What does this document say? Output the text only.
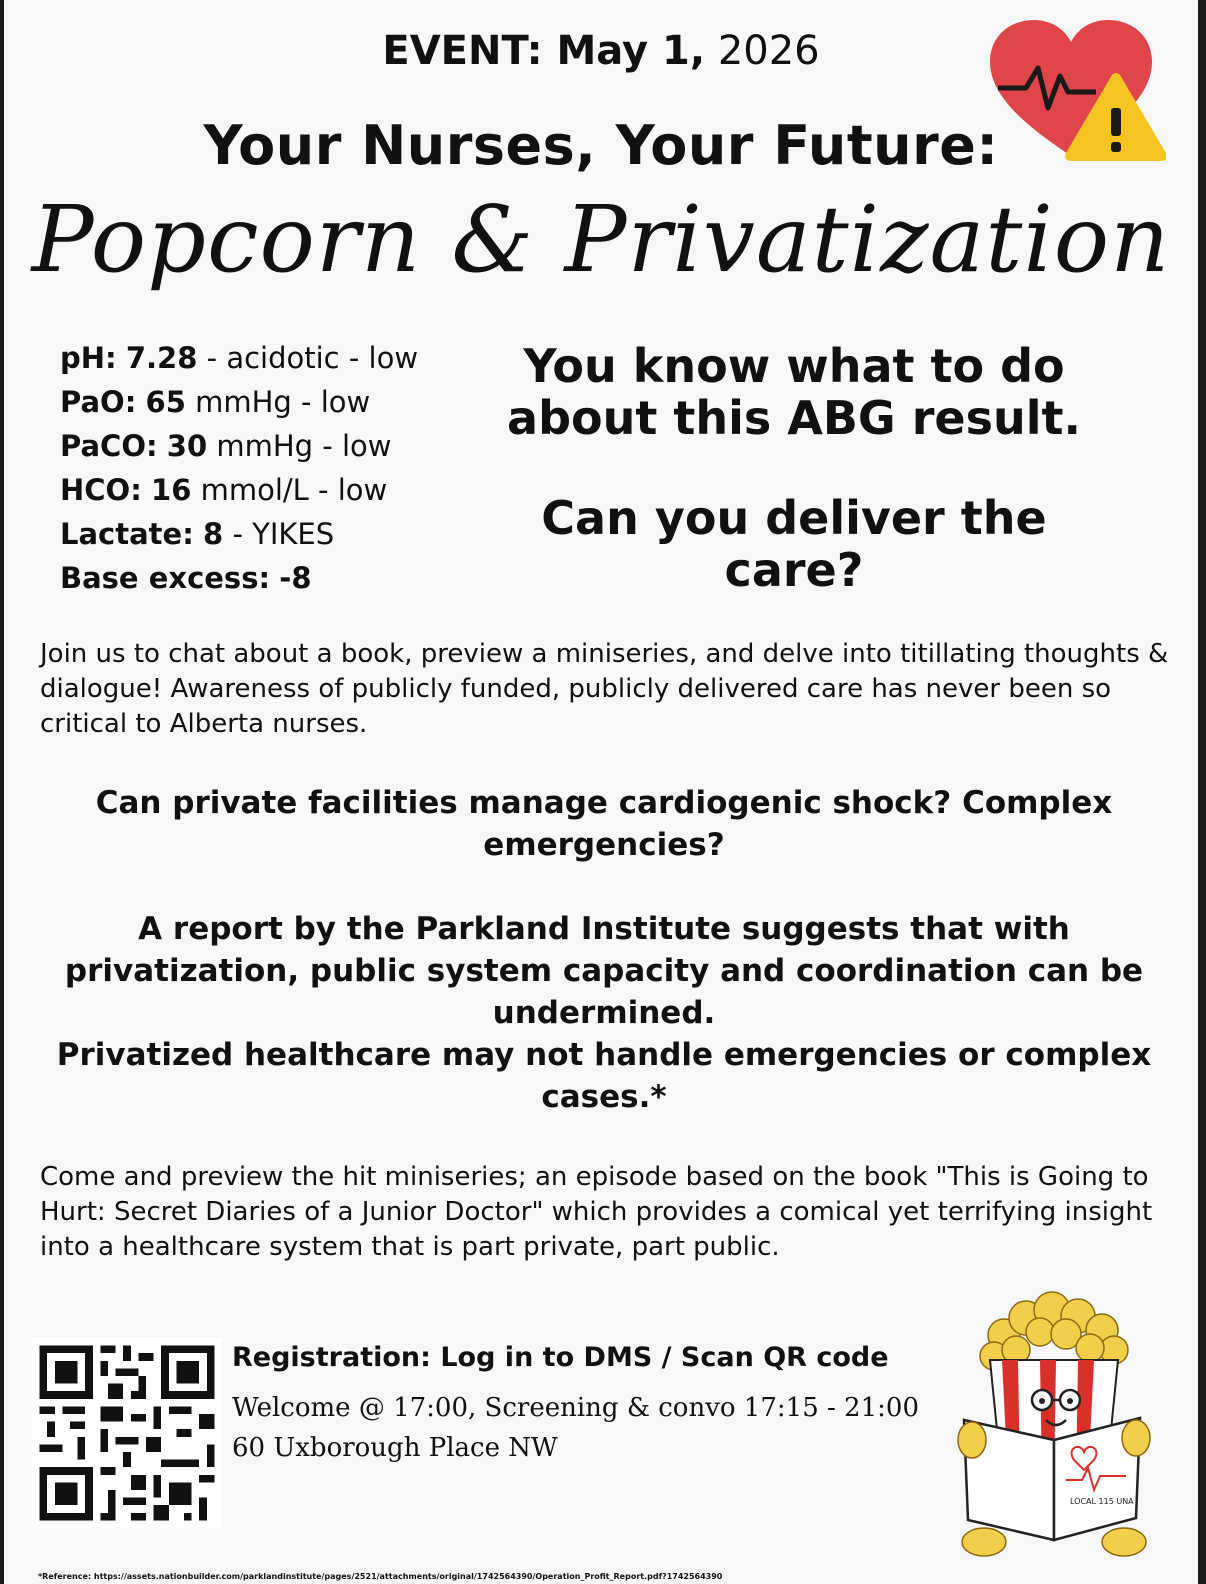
EVENT: May 1, 2026
Your Nurses, Your Future:
Popcorn & Privatization
pH: 7.28 - acidotic - low
PaO: 65 mmHg - low
PaCO: 30 mmHg - low
HCO: 16 mmol/L - low
Lactate: 8 - YIKES
Base excess: -8
You know what to do about this ABG result.
Can you deliver the care?
Join us to chat about a book, preview a miniseries, and delve into titillating thoughts & dialogue! Awareness of publicly funded, publicly delivered care has never been so critical to Alberta nurses.
Can private facilities manage cardiogenic shock? Complex emergencies?
A report by the Parkland Institute suggests that with privatization, public system capacity and coordination can be undermined.
Privatized healthcare may not handle emergencies or complex cases.*
Come and preview the hit miniseries; an episode based on the book "This is Going to Hurt: Secret Diaries of a Junior Doctor" which provides a comical yet terrifying insight into a healthcare system that is part private, part public.
Registration: Log in to DMS / Scan QR code
Welcome @ 17:00, Screening & convo 17:15 - 21:00
60 Uxborough Place NW
LOCAL 115 UNA
*Reference: https://assets.nationbuilder.com/parklandinstitute/pages/2521/attachments/original/1742564390/Operation_Profit_Report.pdf?1742564390
